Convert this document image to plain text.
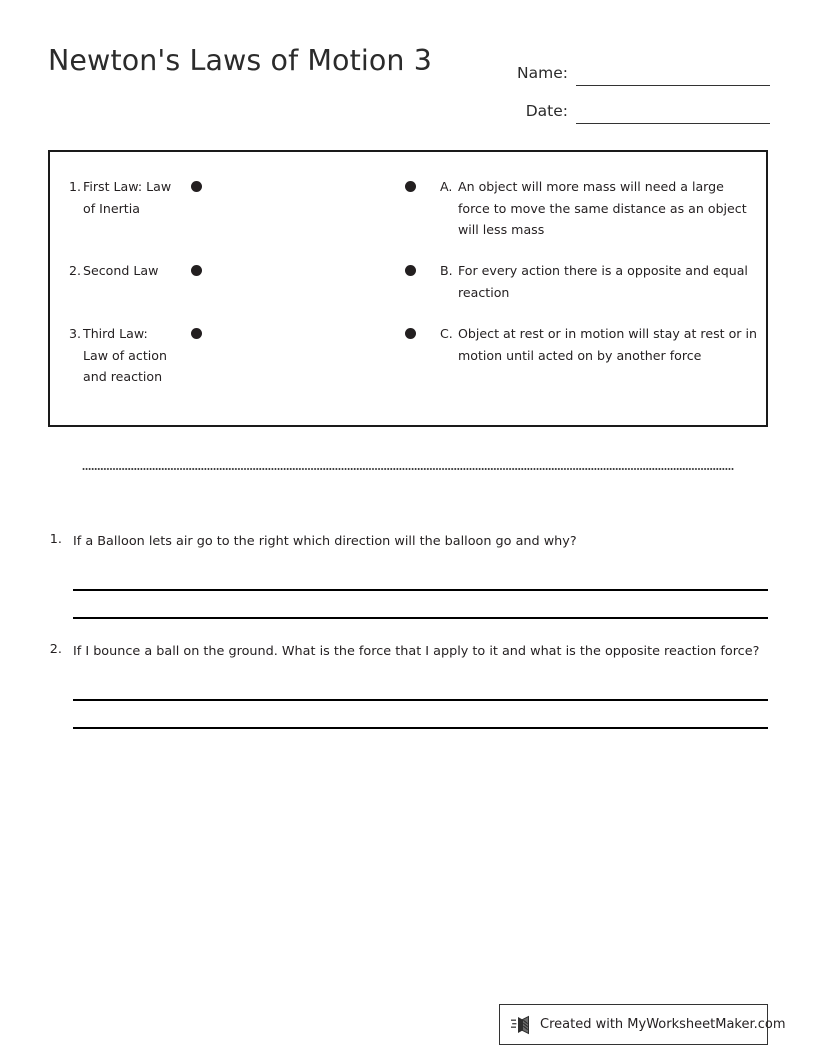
Newton's Laws of Motion 3	Name:
Date:
1. First Law: Law of Inertia
A. An object will more mass will need a large force to move the same distance as an object will less mass
2. Second Law	B. For every action there is a opposite and equal reaction
3. Third Law: Law of action and reaction
C. Object at rest or in motion will stay at rest or in motion until acted on by another force
1. If a Balloon lets air go to the right which direction will the balloon go and why?
2. If I bounce a ball on the ground. What is the force that I apply to it and what is the opposite reaction force?
Created with MyWorksheetMaker.com
